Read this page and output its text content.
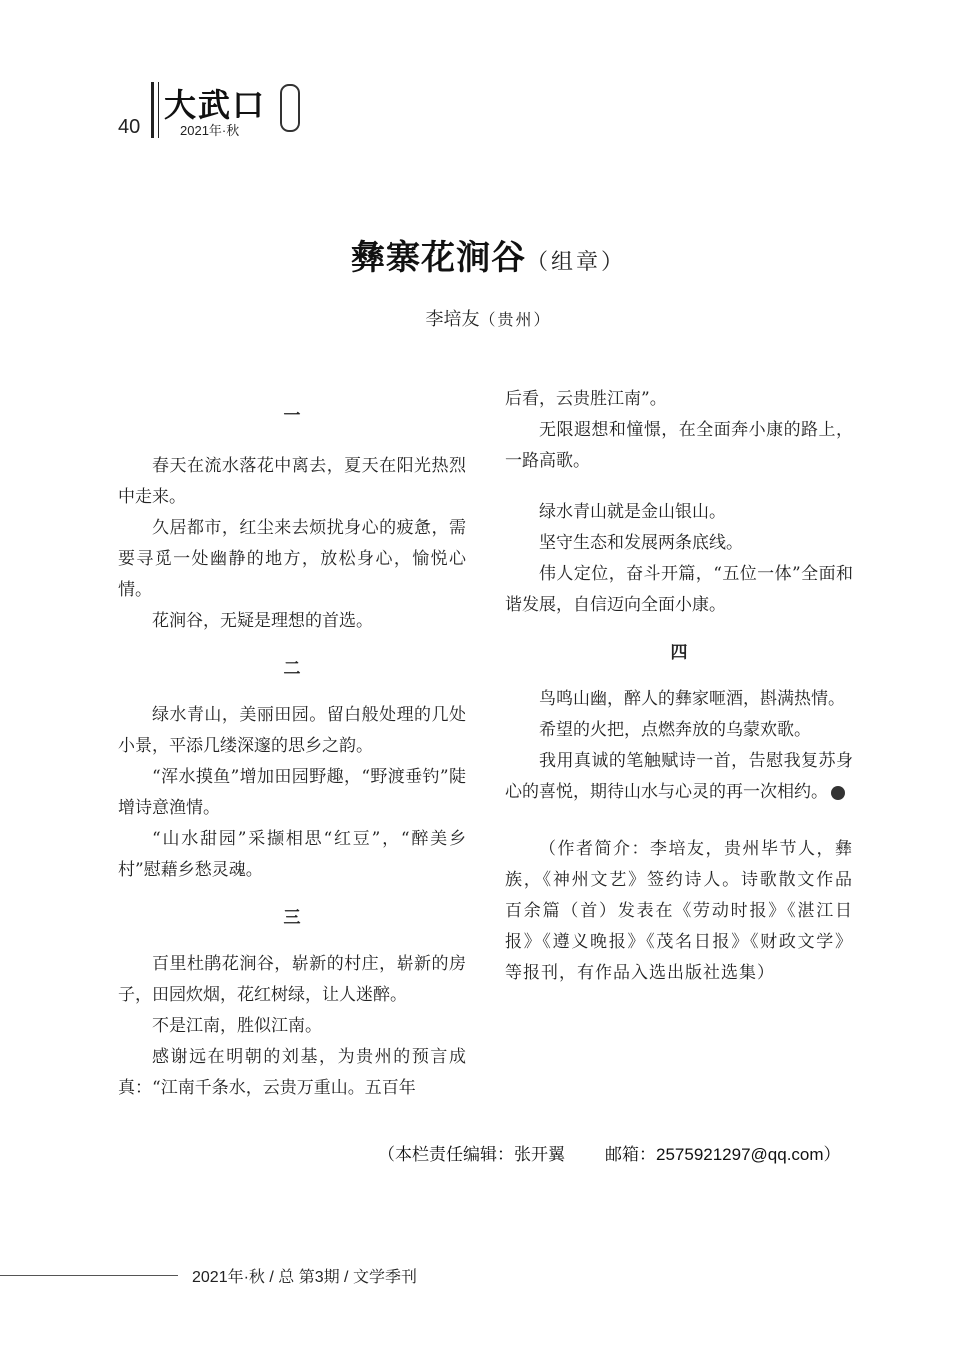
40
大武口
2021年·秋
彝寨花涧谷（组章）
李培友（贵州）
一

春天在流水落花中离去，夏天在阳光热烈中走来。

久居都市，红尘来去烦扰身心的疲惫，需要寻觅一处幽静的地方，放松身心，愉悦心情。

花涧谷，无疑是理想的首选。

二

绿水青山，美丽田园。留白般处理的几处小景，平添几缕深邃的思乡之韵。

“浑水摸鱼”增加田园野趣，“野渡垂钓”陡增诗意渔情。

“山水甜园”采撷相思“红豆”，“醉美乡村”慰藉乡愁灵魂。

三

百里杜鹃花涧谷，崭新的村庄，崭新的房子，田园炊烟，花红树绿，让人迷醉。

不是江南，胜似江南。

感谢远在明朝的刘基，为贵州的预言成真：“江南千条水，云贵万重山。五百年

后看，云贵胜江南”。

无限遐想和憧憬，在全面奔小康的路上，一路高歌。

绿水青山就是金山银山。

坚守生态和发展两条底线。

伟人定位，奋斗开篇，“五位一体”全面和谐发展，自信迈向全面小康。

四

鸟鸣山幽，醉人的彝家咂酒，斟满热情。

希望的火把，点燃奔放的乌蒙欢歌。

我用真诚的笔触赋诗一首，告慰我复苏身心的喜悦，期待山水与心灵的再一次相约。

（作者简介：李培友，贵州毕节人，彝族，《神州文艺》签约诗人。诗歌散文作品百余篇（首）发表在《劳动时报》《湛江日报》《遵义晚报》《茂名日报》《财政文学》等报刊，有作品入选出版社选集）

（本栏责任编辑：张开翼 邮箱：2575921297@qq.com）
2021年·秋 / 总 第3期 / 文学季刊
